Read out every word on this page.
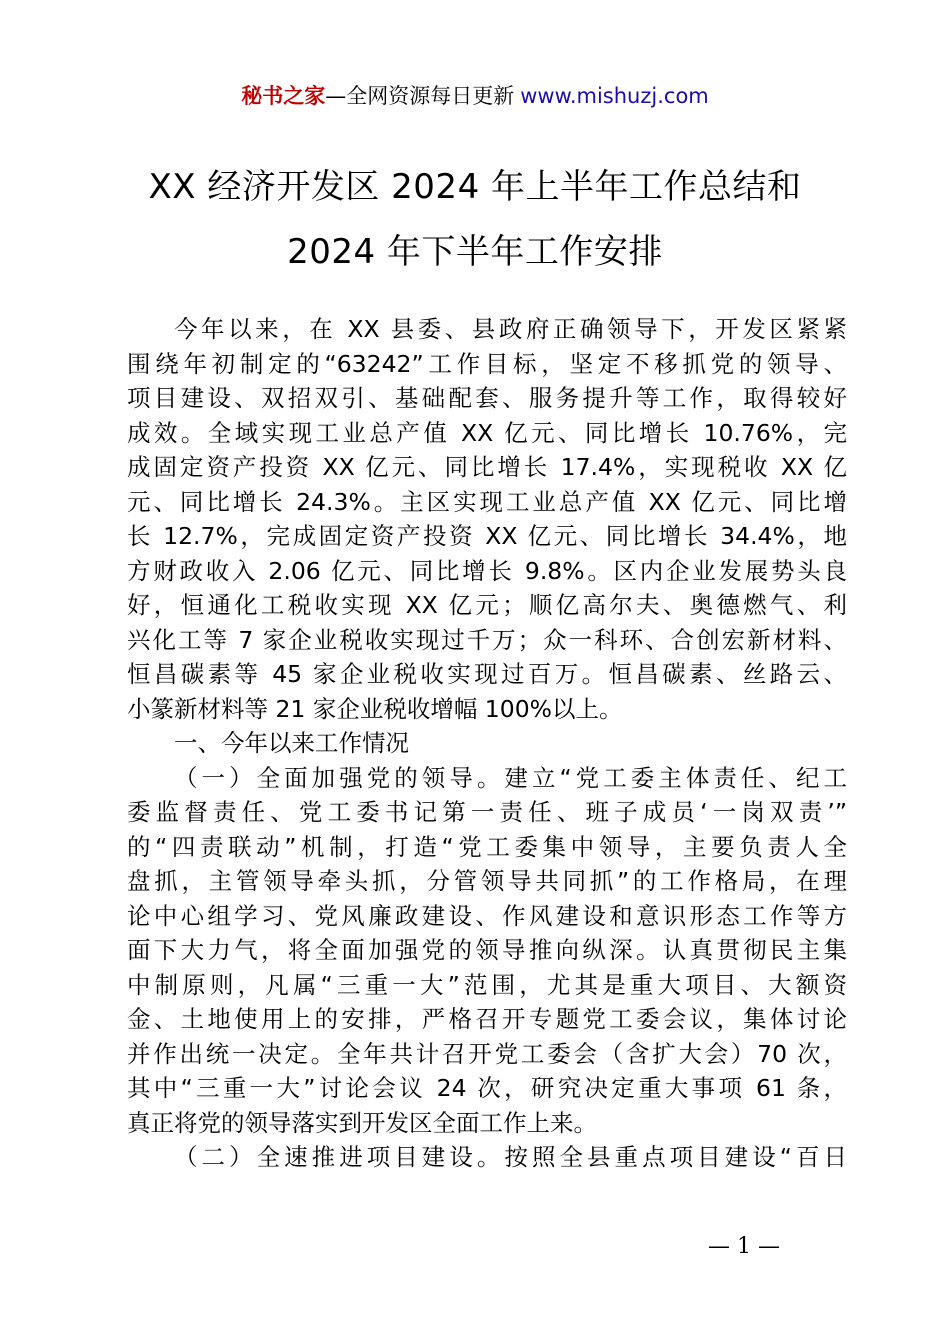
秘书之家—全网资源每日更新 www.mishuzj.com
XX 经济开发区 2024 年上半年工作总结和
2024 年下半年工作安排
今年以来，在 XX 县委、县政府正确领导下，开发区紧紧
围绕年初制定的“63242”工作目标，坚定不移抓党的领导、
项目建设、双招双引、基础配套、服务提升等工作，取得较好
成效。全域实现工业总产值 XX 亿元、同比增长 10.76%，完
成固定资产投资 XX 亿元、同比增长 17.4%，实现税收 XX 亿
元、同比增长 24.3%。主区实现工业总产值 XX 亿元、同比增
长 12.7%，完成固定资产投资 XX 亿元、同比增长 34.4%，地
方财政收入 2.06 亿元、同比增长 9.8%。区内企业发展势头良
好，恒通化工税收实现 XX 亿元；顺亿高尔夫、奥德燃气、利
兴化工等 7 家企业税收实现过千万；众一科环、合创宏新材料、
恒昌碳素等 45 家企业税收实现过百万。恒昌碳素、丝路云、
小篆新材料等 21 家企业税收增幅 100%以上。
一、今年以来工作情况
（一）全面加强党的领导。建立“党工委主体责任、纪工
委监督责任、党工委书记第一责任、班子成员‘一岗双责’”
的“四责联动”机制，打造“党工委集中领导，主要负责人全
盘抓，主管领导牵头抓，分管领导共同抓”的工作格局，在理
论中心组学习、党风廉政建设、作风建设和意识形态工作等方
面下大力气，将全面加强党的领导推向纵深。认真贯彻民主集
中制原则，凡属“三重一大”范围，尤其是重大项目、大额资
金、土地使用上的安排，严格召开专题党工委会议，集体讨论
并作出统一决定。全年共计召开党工委会（含扩大会）70 次，
其中“三重一大”讨论会议 24 次，研究决定重大事项 61 条，
真正将党的领导落实到开发区全面工作上来。
（二）全速推进项目建设。按照全县重点项目建设“百日
— 1 —
